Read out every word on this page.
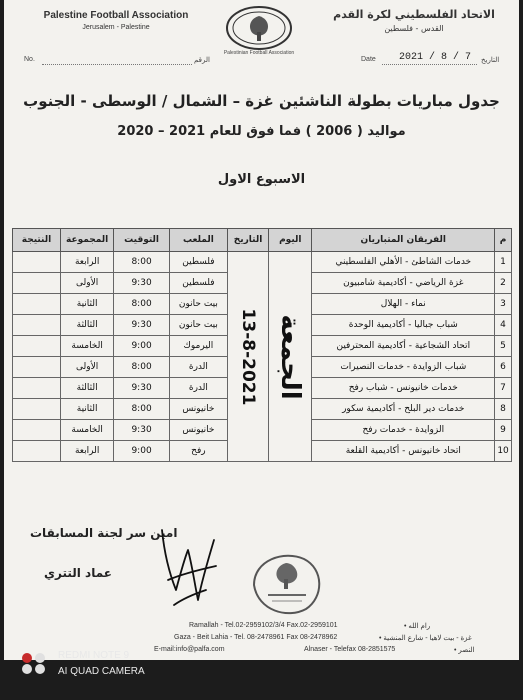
Palestine Football Association
Jerusalem - Palestine
Palestinian Football Association
الاتحاد الفلسطيني لكرة القدم
القدس - فلسطين
No.	الرقم	Date 2021 / 8 / 7 التاريخ
جدول مباريات بطولة الناشئين غزة – الشمال / الوسطى - الجنوب
مواليد ( 2006 ) فما فوق للعام 2021 – 2020
الاسبوع الاول
م	الفريقان المتباريان	اليوم	التاريخ	الملعب	التوقيت	المجموعة	النتيجة
1	خدمات الشاطئ - الأهلي الفلسطيني	الجمعة	13-8-2021	فلسطين	8:00	الرابعة	
2	غزة الرياضي - أكاديمية شامبيون			فلسطين	9:30	الأولى	
3	نماء - الهلال			بيت حانون	8:00	الثانية	
4	شباب جباليا - أكاديمية الوحدة			بيت حانون	9:30	الثالثة	
5	اتحاد الشجاعية - أكاديمية المحترفين			اليرموك	9:00	الخامسة	
6	شباب الزوايدة - خدمات النصيرات			الدرة	8:00	الأولى	
7	خدمات خانيونس - شباب رفح			الدرة	9:30	الثالثة	
8	خدمات دير البلح - أكاديمية سكور			خانيونس	8:00	الثانية	
9	الزوايدة - خدمات رفح			خانيونس	9:30	الخامسة	
10	اتحاد خانيونس - أكاديمية القلعة			رفح	9:00	الرابعة	
امين سر لجنة المسابقات
عماد التتري
Ramallah - Tel.02-2959102/3/4 Fax.02-2959101	• رام الله
Gaza - Beit Lahia - Tel. 08-2478961 Fax 08-2478962	• غزة - بيت لاهيا - شارع المنشية
E-mail:info@palfa.com	Alnaser - Telefax 08-2851575	• النصر
REDMI NOTE 9
AI QUAD CAMERA
